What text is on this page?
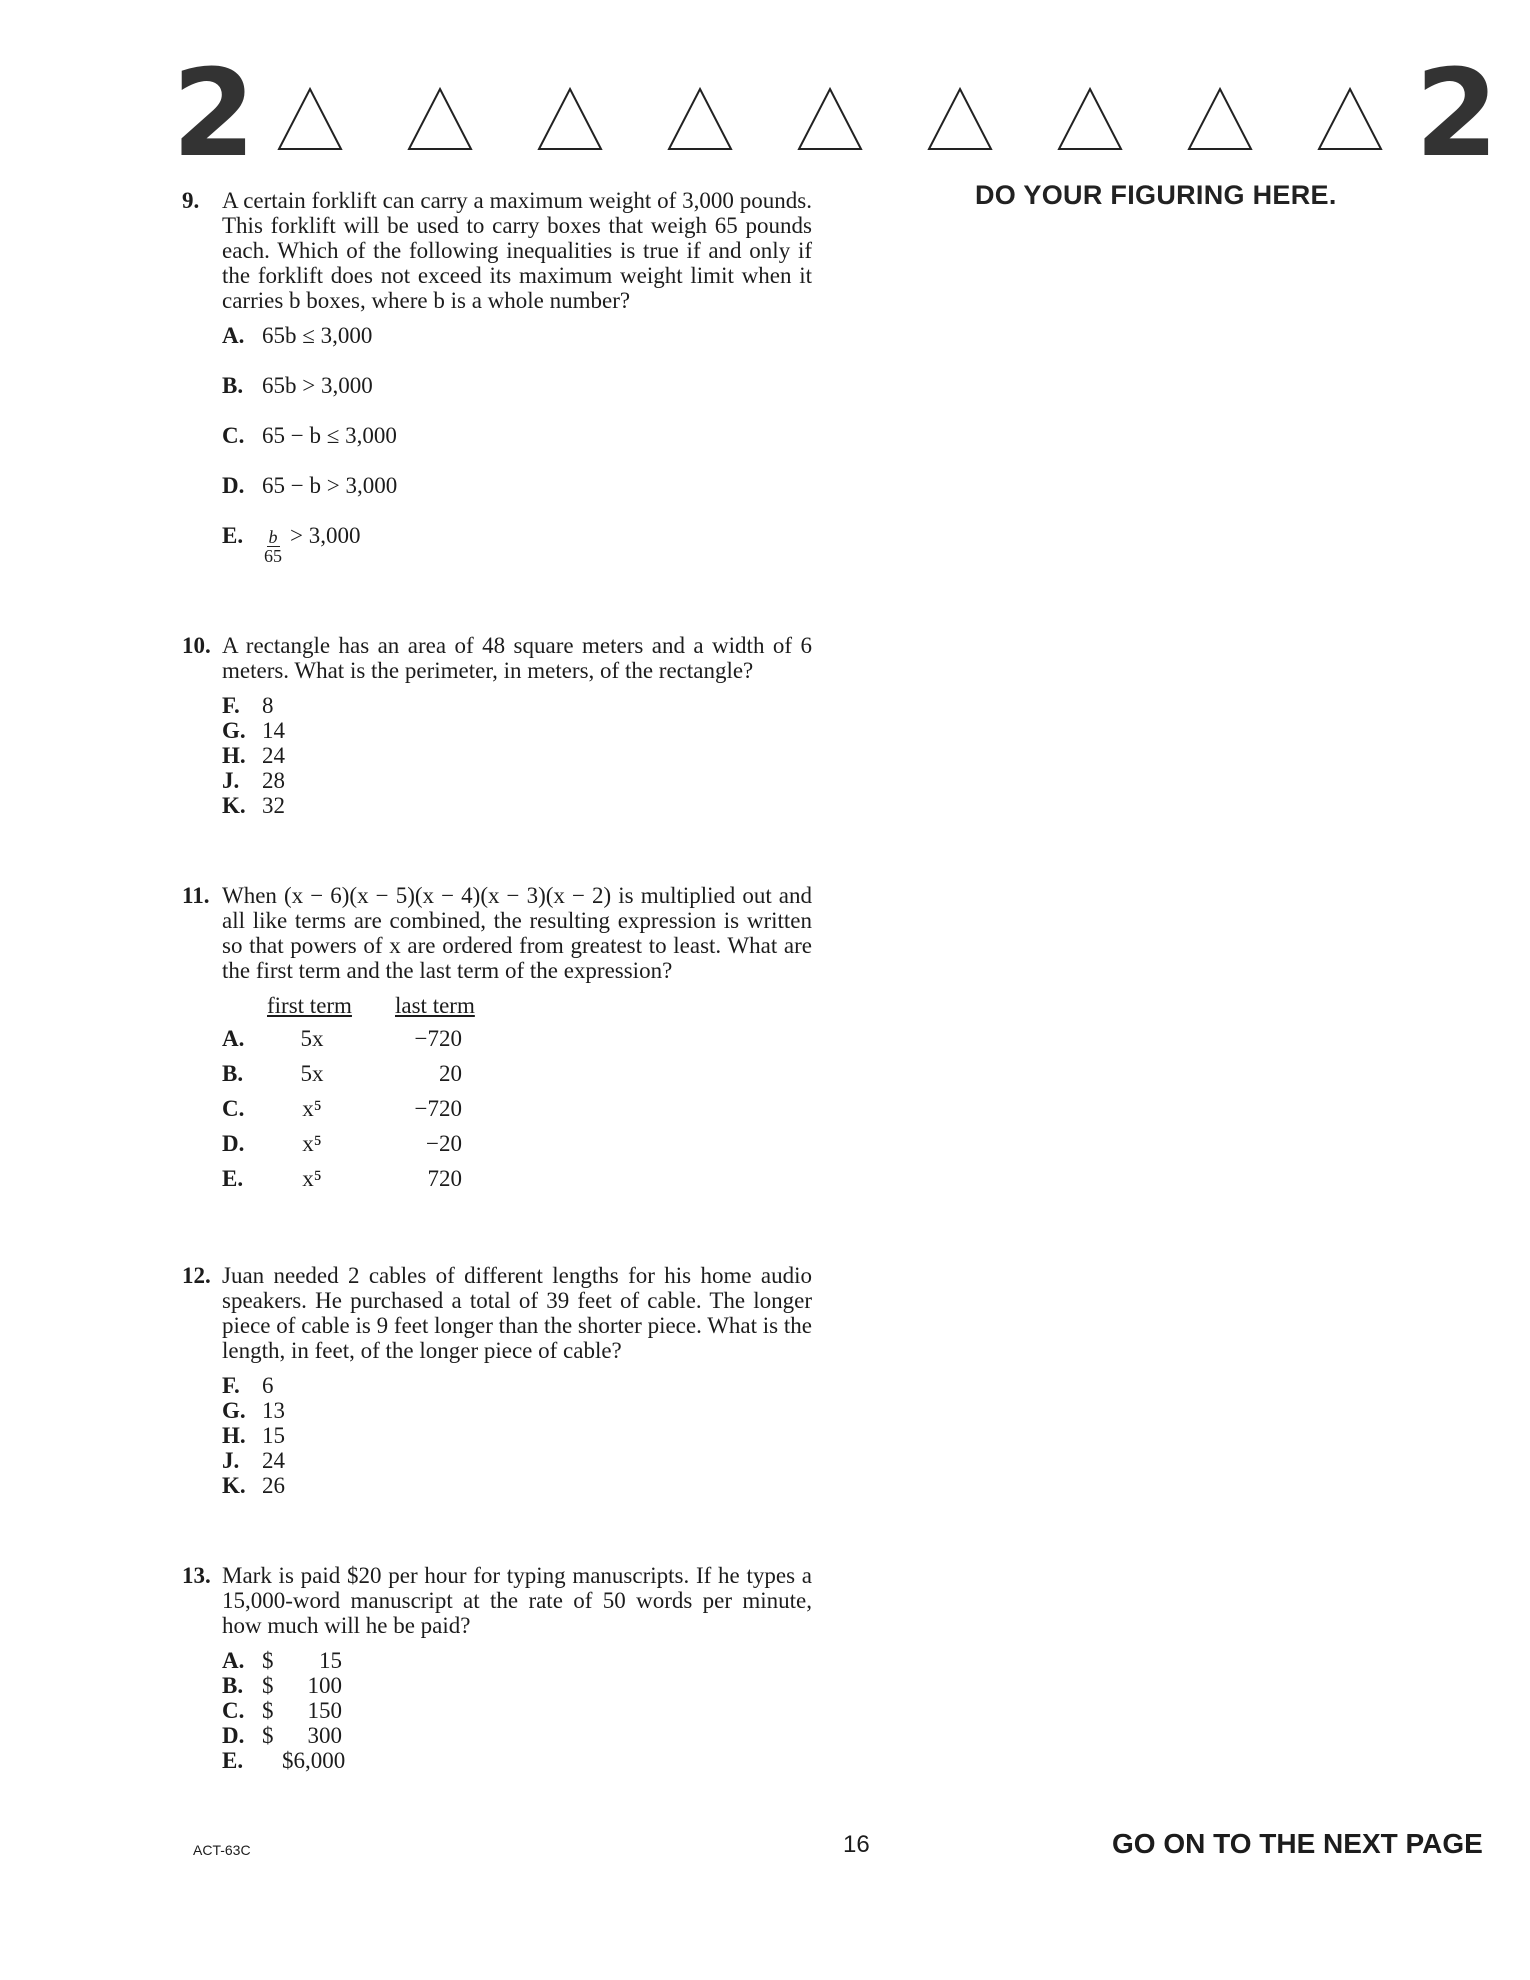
2	2
DO YOUR FIGURING HERE.
9. A certain forklift can carry a maximum weight of 3,000 pounds. This forklift will be used to carry boxes that weigh 65 pounds each. Which of the following inequalities is true if and only if the forklift does not exceed its maximum weight limit when it carries b boxes, where b is a whole number?
A. 65b ≤ 3,000
B. 65b > 3,000
C. 65 − b ≤ 3,000
D. 65 − b > 3,000
E.	$\frac{b}{65} > 3,000$
10. A rectangle has an area of 48 square meters and a width of 6 meters. What is the perimeter, in meters, of the rectangle?
F. 8
G. 14
H. 24
J. 28
K. 32
11. When (x − 6)(x − 5)(x − 4)(x − 3)(x − 2) is multiplied out and all like terms are combined, the resulting expression is written so that powers of x are ordered from greatest to least. What are the first term and the last term of the expression?
first term	last term
A.	5x	−720
B.	5x	20
C.	x⁵	−720
D.	x⁵	−20
E.	x⁵	720
12. Juan needed 2 cables of different lengths for his home audio speakers. He purchased a total of 39 feet of cable. The longer piece of cable is 9 feet longer than the shorter piece. What is the length, in feet, of the longer piece of cable?
F. 6
G. 13
H. 15
J. 24
K. 26
13. Mark is paid $20 per hour for typing manuscripts. If he types a 15,000-word manuscript at the rate of 50 words per minute, how much will he be paid?
A. $ 15
B. $ 100
C. $ 150
D. $ 300
E.	$6,000
ACT-63C	16	GO ON TO THE NEXT PAGE
